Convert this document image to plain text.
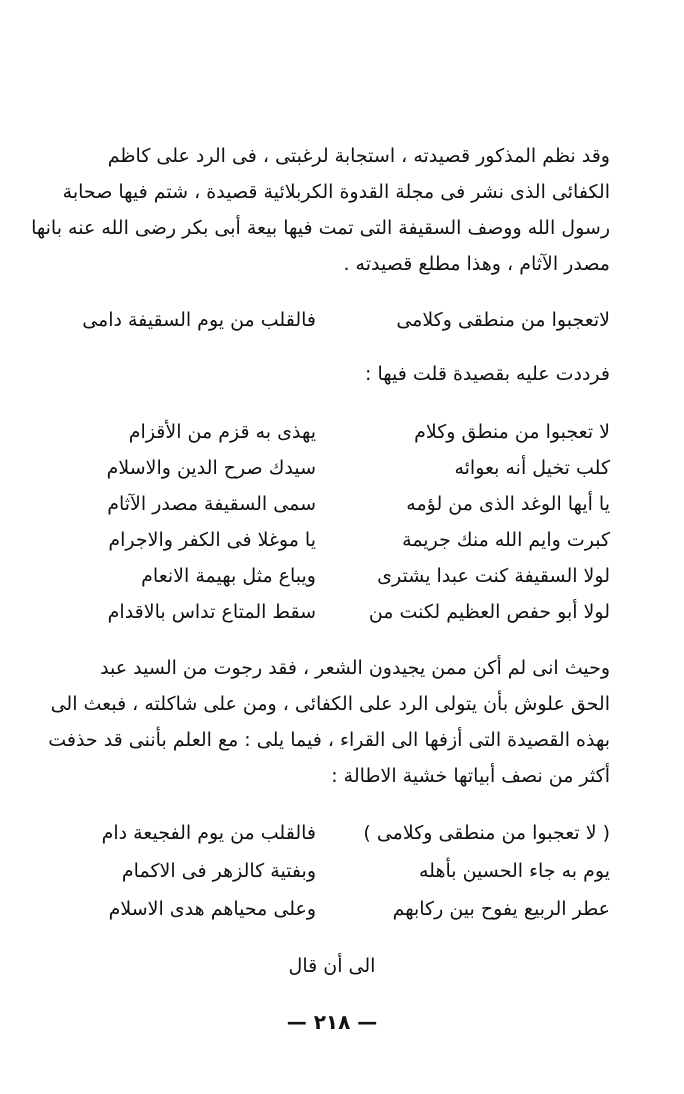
وقد نظم المذكور قصيدته ، استجابة لرغبتى ، فى الرد على كاظم
الكفائى الذى نشر فى مجلة القدوة الكربلائية قصيدة ، شتم فيها صحابة
رسول الله ووصف السقيفة التى تمت فيها بيعة أبى بكر رضى الله عنه بانها
مصدر الآثام ، وهذا مطلع قصيدته .

لاتعجبوا من منطقى وكلامى
فالقلب من يوم السقيفة دامى

فرددت عليه بقصيدة قلت فيها :

لا تعجبوا من منطق وكلام
يهذى به قزم من الأقزام
كلب تخيل أنه بعوائه
سيدك صرح الدين والاسلام
يا أيها الوغد الذى من لؤمه
سمى السقيفة مصدر الآثام
كبرت وايم الله منك جريمة
يا موغلا فى الكفر والاجرام
لولا السقيفة كنت عبدا يشترى
ويباع مثل بهيمة الانعام
لولا أبو حفص العظيم لكنت من
سقط المتاع تداس بالاقدام

وحيث انى لم أكن ممن يجيدون الشعر ، فقد رجوت من السيد عبد
الحق علوش بأن يتولى الرد على الكفائى ، ومن على شاكلته ، فبعث الى
بهذه القصيدة التى أزفها الى القراء ، فيما يلى : مع العلم بأننى قد حذفت
أكثر من نصف أبياتها خشية الاطالة :

( لا تعجبوا من منطقى وكلامى )
فالقلب من يوم الفجيعة دام
يوم به جاء الحسين بأهله
وبفتية كالزهر فى الاكمام
عطر الربيع يفوح بين ركابهم
وعلى محياهم هدى الاسلام

الى أن قال

— ٢١٨ —
